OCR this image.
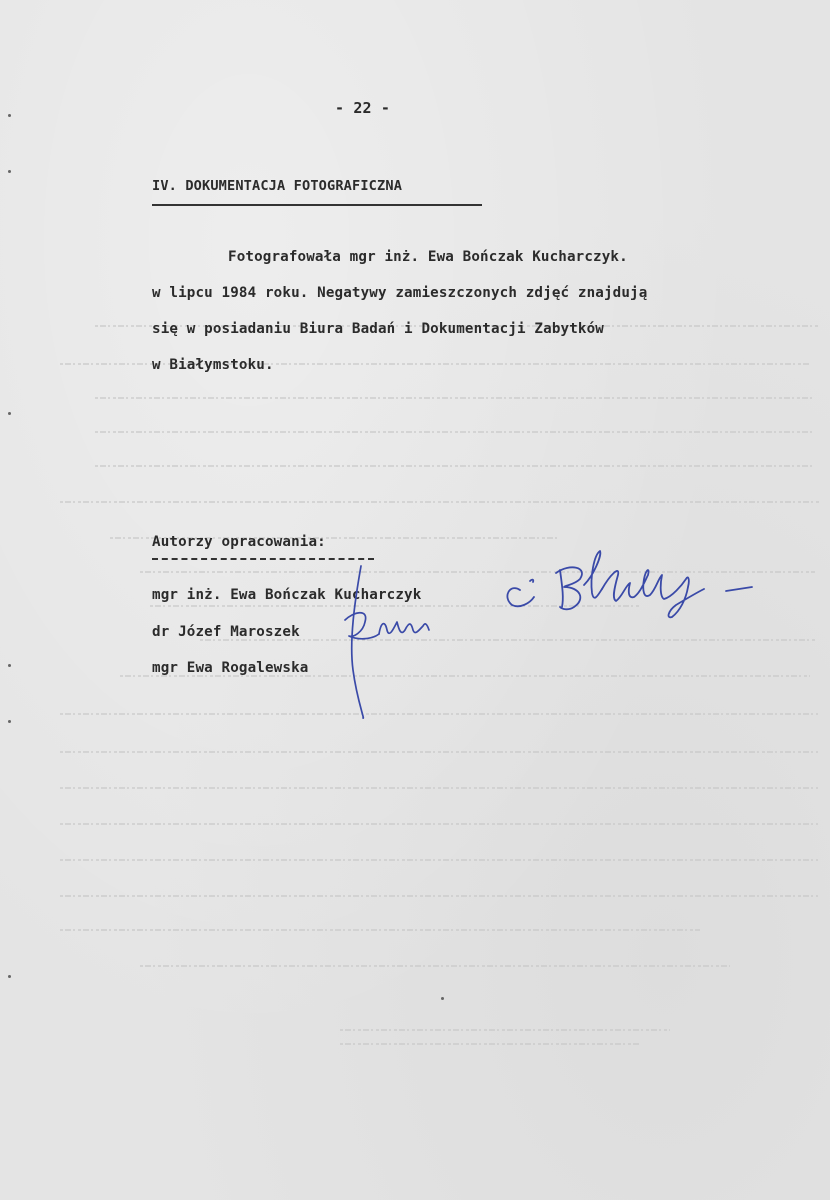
- 22 -
IV. DOKUMENTACJA FOTOGRAFICZNA
Fotografowała mgr inż. Ewa Bończak Kucharczyk.
w lipcu 1984 roku. Negatywy zamieszczonych zdjęć znajdują
się w posiadaniu Biura Badań i Dokumentacji Zabytków
w Białymstoku.
Autorzy opracowania:
mgr inż. Ewa Bończak Kucharczyk
dr Józef Maroszek
mgr Ewa Rogalewska
